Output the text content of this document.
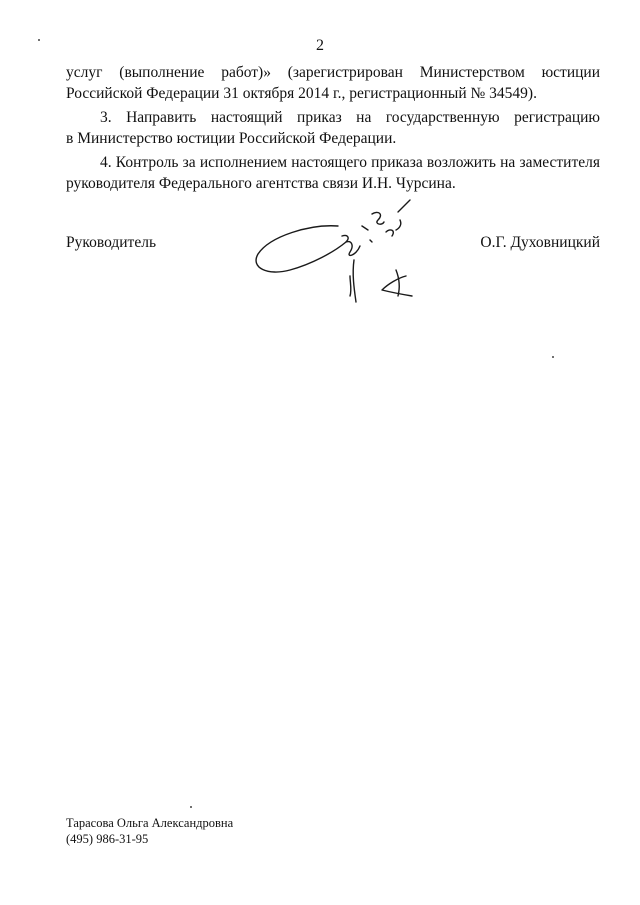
2

услуг (выполнение работ)» (зарегистрирован Министерством юстиции
Российской Федерации 31 октября 2014 г., регистрационный № 34549).

3. Направить настоящий приказ на государственную регистрацию
в Министерство юстиции Российской Федерации.

4. Контроль за исполнением настоящего приказа возложить на заместителя
руководителя Федерального агентства связи И.Н. Чурсина.

Руководитель	О.Г. Духовницкий
Тарасова Ольга Александровна
(495) 986-31-95
